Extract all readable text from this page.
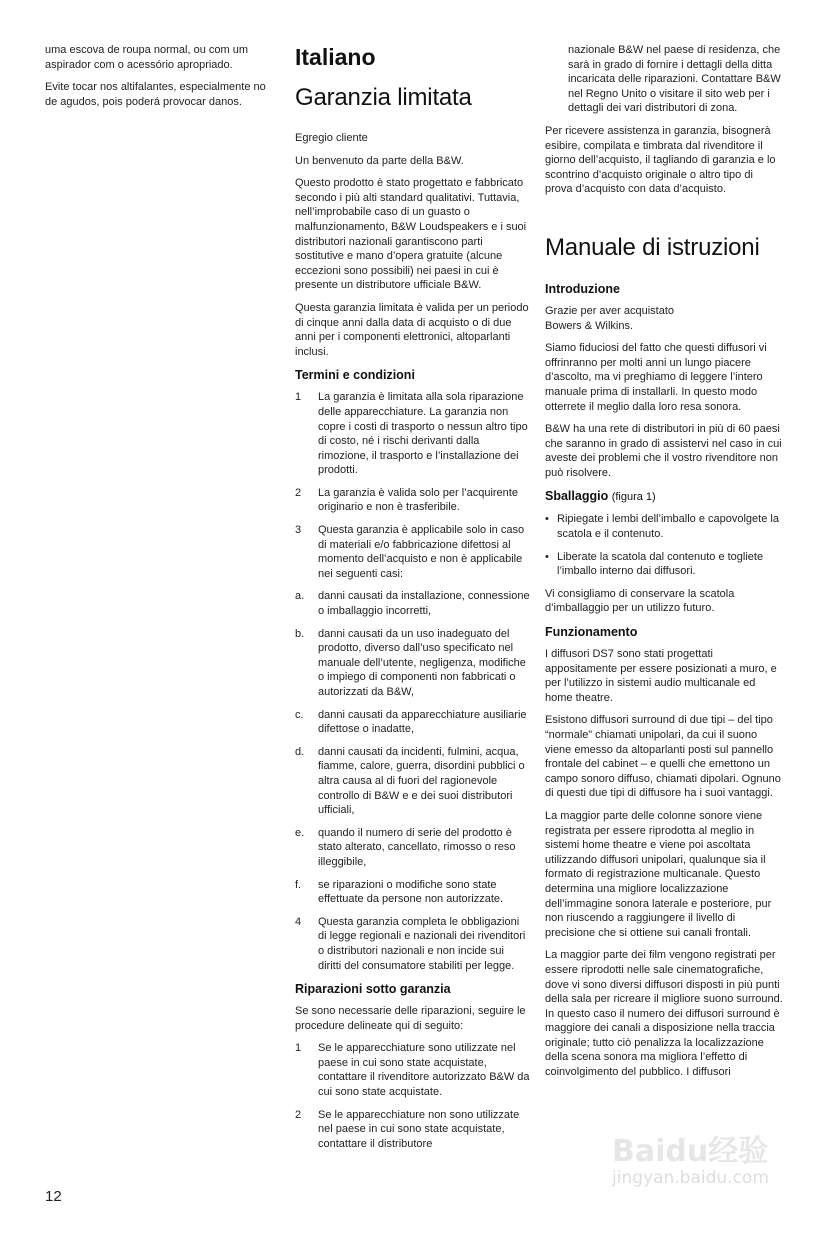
uma escova de roupa normal, ou com um aspirador com o acessório apropriado.

Evite tocar nos altifalantes, especialmente no de agudos, pois poderá provocar danos.

Italiano
Garanzia limitata

Egregio cliente

Un benvenuto da parte della B&W.

Questo prodotto è stato progettato e fabbricato secondo i più alti standard qualitativi. Tuttavia, nell’improbabile caso di un guasto o malfunzionamento, B&W Loudspeakers e i suoi distributori nazionali garantiscono parti sostitutive e mano d’opera gratuite (alcune eccezioni sono possibili) nei paesi in cui è presente un distributore ufficiale B&W.

Questa garanzia limitata è valida per un periodo di cinque anni dalla data di acquisto o di due anni per i componenti elettronici, altoparlanti inclusi.

Termini e condizioni
1 La garanzia è limitata alla sola riparazione delle apparecchiature. La garanzia non copre i costi di trasporto o nessun altro tipo di costo, né i rischi derivanti dalla rimozione, il trasporto e l’installazione dei prodotti.
2 La garanzia è valida solo per l’acquirente originario e non è trasferibile.
3 Questa garanzia è applicabile solo in caso di materiali e/o fabbricazione difettosi al momento dell’acquisto e non è applicabile nei seguenti casi:
a. danni causati da installazione, connessione o imballaggio incorretti,
b. danni causati da un uso inadeguato del prodotto, diverso dall’uso specificato nel manuale dell’utente, negligenza, modifiche o impiego di componenti non fabbricati o autorizzati da B&W,
c. danni causati da apparecchiature ausiliarie difettose o inadatte,
d. danni causati da incidenti, fulmini, acqua, fiamme, calore, guerra, disordini pubblici o altra causa al di fuori del ragionevole controllo di B&W e e dei suoi distributori ufficiali,
e. quando il numero di serie del prodotto è stato alterato, cancellato, rimosso o reso illeggibile,
f. se riparazioni o modifiche sono state effettuate da persone non autorizzate.
4 Questa garanzia completa le obbligazioni di legge regionali e nazionali dei rivenditori o distributori nazionali e non incide sui diritti del consumatore stabiliti per legge.
Riparazioni sotto garanzia

Se sono necessarie delle riparazioni, seguire le procedure delineate qui di seguito:

1 Se le apparecchiature sono utilizzate nel paese in cui sono state acquistate, contattare il rivenditore autorizzato B&W da cui sono state acquistate.
2 Se le apparecchiature non sono utilizzate nel paese in cui sono state acquistate, contattare il distributore
nazionale B&W nel paese di residenza, che sarà in grado di fornire i dettagli della ditta incaricata delle riparazioni. Contattare B&W nel Regno Unito o visitare il sito web per i dettagli dei vari distributori di zona.

Per ricevere assistenza in garanzia, bisognerà esibire, compilata e timbrata dal rivenditore il giorno dell’acquisto, il tagliando di garanzia e lo scontrino d’acquisto originale o altro tipo di prova d’acquisto con data d’acquisto.

Manuale di istruzioni
Introduzione

Grazie per aver acquistato
Bowers & Wilkins.

Siamo fiduciosi del fatto che questi diffusori vi offrinranno per molti anni un lungo piacere d’ascolto, ma vi preghiamo di leggere l’intero manuale prima di installarli. In questo modo otterrete il meglio dalla loro resa sonora.

B&W ha una rete di distributori in più di 60 paesi che saranno in grado di assistervi nel caso in cui aveste dei problemi che il vostro rivenditore non può risolvere.

Sballaggio (figura 1)
• Ripiegate i lembi dell’imballo e capovolgete la scatola e il contenuto.
• Liberate la scatola dal contenuto e togliete l’imballo interno dai diffusori.

Vi consigliamo di conservare la scatola d’imballaggio per un utilizzo futuro.

Funzionamento

I diffusori DS7 sono stati progettati appositamente per essere posizionati a muro, e per l’utilizzo in sistemi audio multicanale ed home theatre.

Esistono diffusori surround di due tipi – del tipo “normale” chiamati unipolari, da cui il suono viene emesso da altoparlanti posti sul pannello frontale del cabinet – e quelli che emettono un campo sonoro diffuso, chiamati dipolari. Ognuno di questi due tipi di diffusore ha i suoi vantaggi.

La maggior parte delle colonne sonore viene registrata per essere riprodotta al meglio in sistemi home theatre e viene poi ascoltata utilizzando diffusori unipolari, qualunque sia il formato di registrazione multicanale. Questo determina una migliore localizzazione dell’immagine sonora laterale e posteriore, pur non riuscendo a raggiungere il livello di precisione che si ottiene sui canali frontali.

La maggior parte dei film vengono registrati per essere riprodotti nelle sale cinematografiche, dove vi sono diversi diffusori disposti in più punti della sala per ricreare il migliore suono surround. In questo caso il numero dei diffusori surround è maggiore dei canali a disposizione nella traccia originale; tutto ciò penalizza la localizzazione della scena sonora ma migliora l’effetto di coinvolgimento del pubblico. I diffusori

12
Baidu经验
jingyan.baidu.com
